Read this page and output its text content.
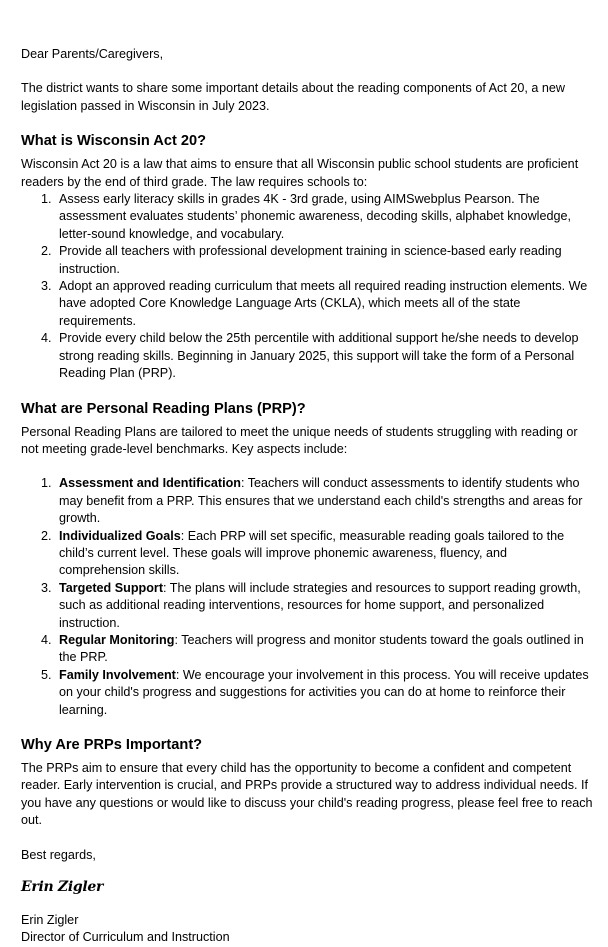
Dear Parents/Caregivers,

The district wants to share some important details about the reading components of Act 20, a new legislation passed in Wisconsin in July 2023.

What is Wisconsin Act 20?

Wisconsin Act 20 is a law that aims to ensure that all Wisconsin public school students are proficient readers by the end of third grade. The law requires schools to:

1. Assess early literacy skills in grades 4K - 3rd grade, using AIMSwebplus Pearson. The assessment evaluates students’ phonemic awareness, decoding skills, alphabet knowledge, letter-sound knowledge, and vocabulary.
2. Provide all teachers with professional development training in science-based early reading instruction.
3. Adopt an approved reading curriculum that meets all required reading instruction elements. We have adopted Core Knowledge Language Arts (CKLA), which meets all of the state requirements.
4. Provide every child below the 25th percentile with additional support he/she needs to develop strong reading skills. Beginning in January 2025, this support will take the form of a Personal Reading Plan (PRP).
What are Personal Reading Plans (PRP)?

Personal Reading Plans are tailored to meet the unique needs of students struggling with reading or not meeting grade-level benchmarks. Key aspects include:

1. Assessment and Identification: Teachers will conduct assessments to identify students who may benefit from a PRP. This ensures that we understand each child's strengths and areas for growth.
2. Individualized Goals: Each PRP will set specific, measurable reading goals tailored to the child’s current level. These goals will improve phonemic awareness, fluency, and comprehension skills.
3. Targeted Support: The plans will include strategies and resources to support reading growth, such as additional reading interventions, resources for home support, and personalized instruction.
4. Regular Monitoring: Teachers will progress and monitor students toward the goals outlined in the PRP.
5. Family Involvement: We encourage your involvement in this process. You will receive updates on your child's progress and suggestions for activities you can do at home to reinforce their learning.
Why Are PRPs Important?

The PRPs aim to ensure that every child has the opportunity to become a confident and competent reader. Early intervention is crucial, and PRPs provide a structured way to address individual needs. If you have any questions or would like to discuss your child's reading progress, please feel free to reach out.

Best regards,

Erin Zigler

Erin Zigler

Director of Curriculum and Instruction
